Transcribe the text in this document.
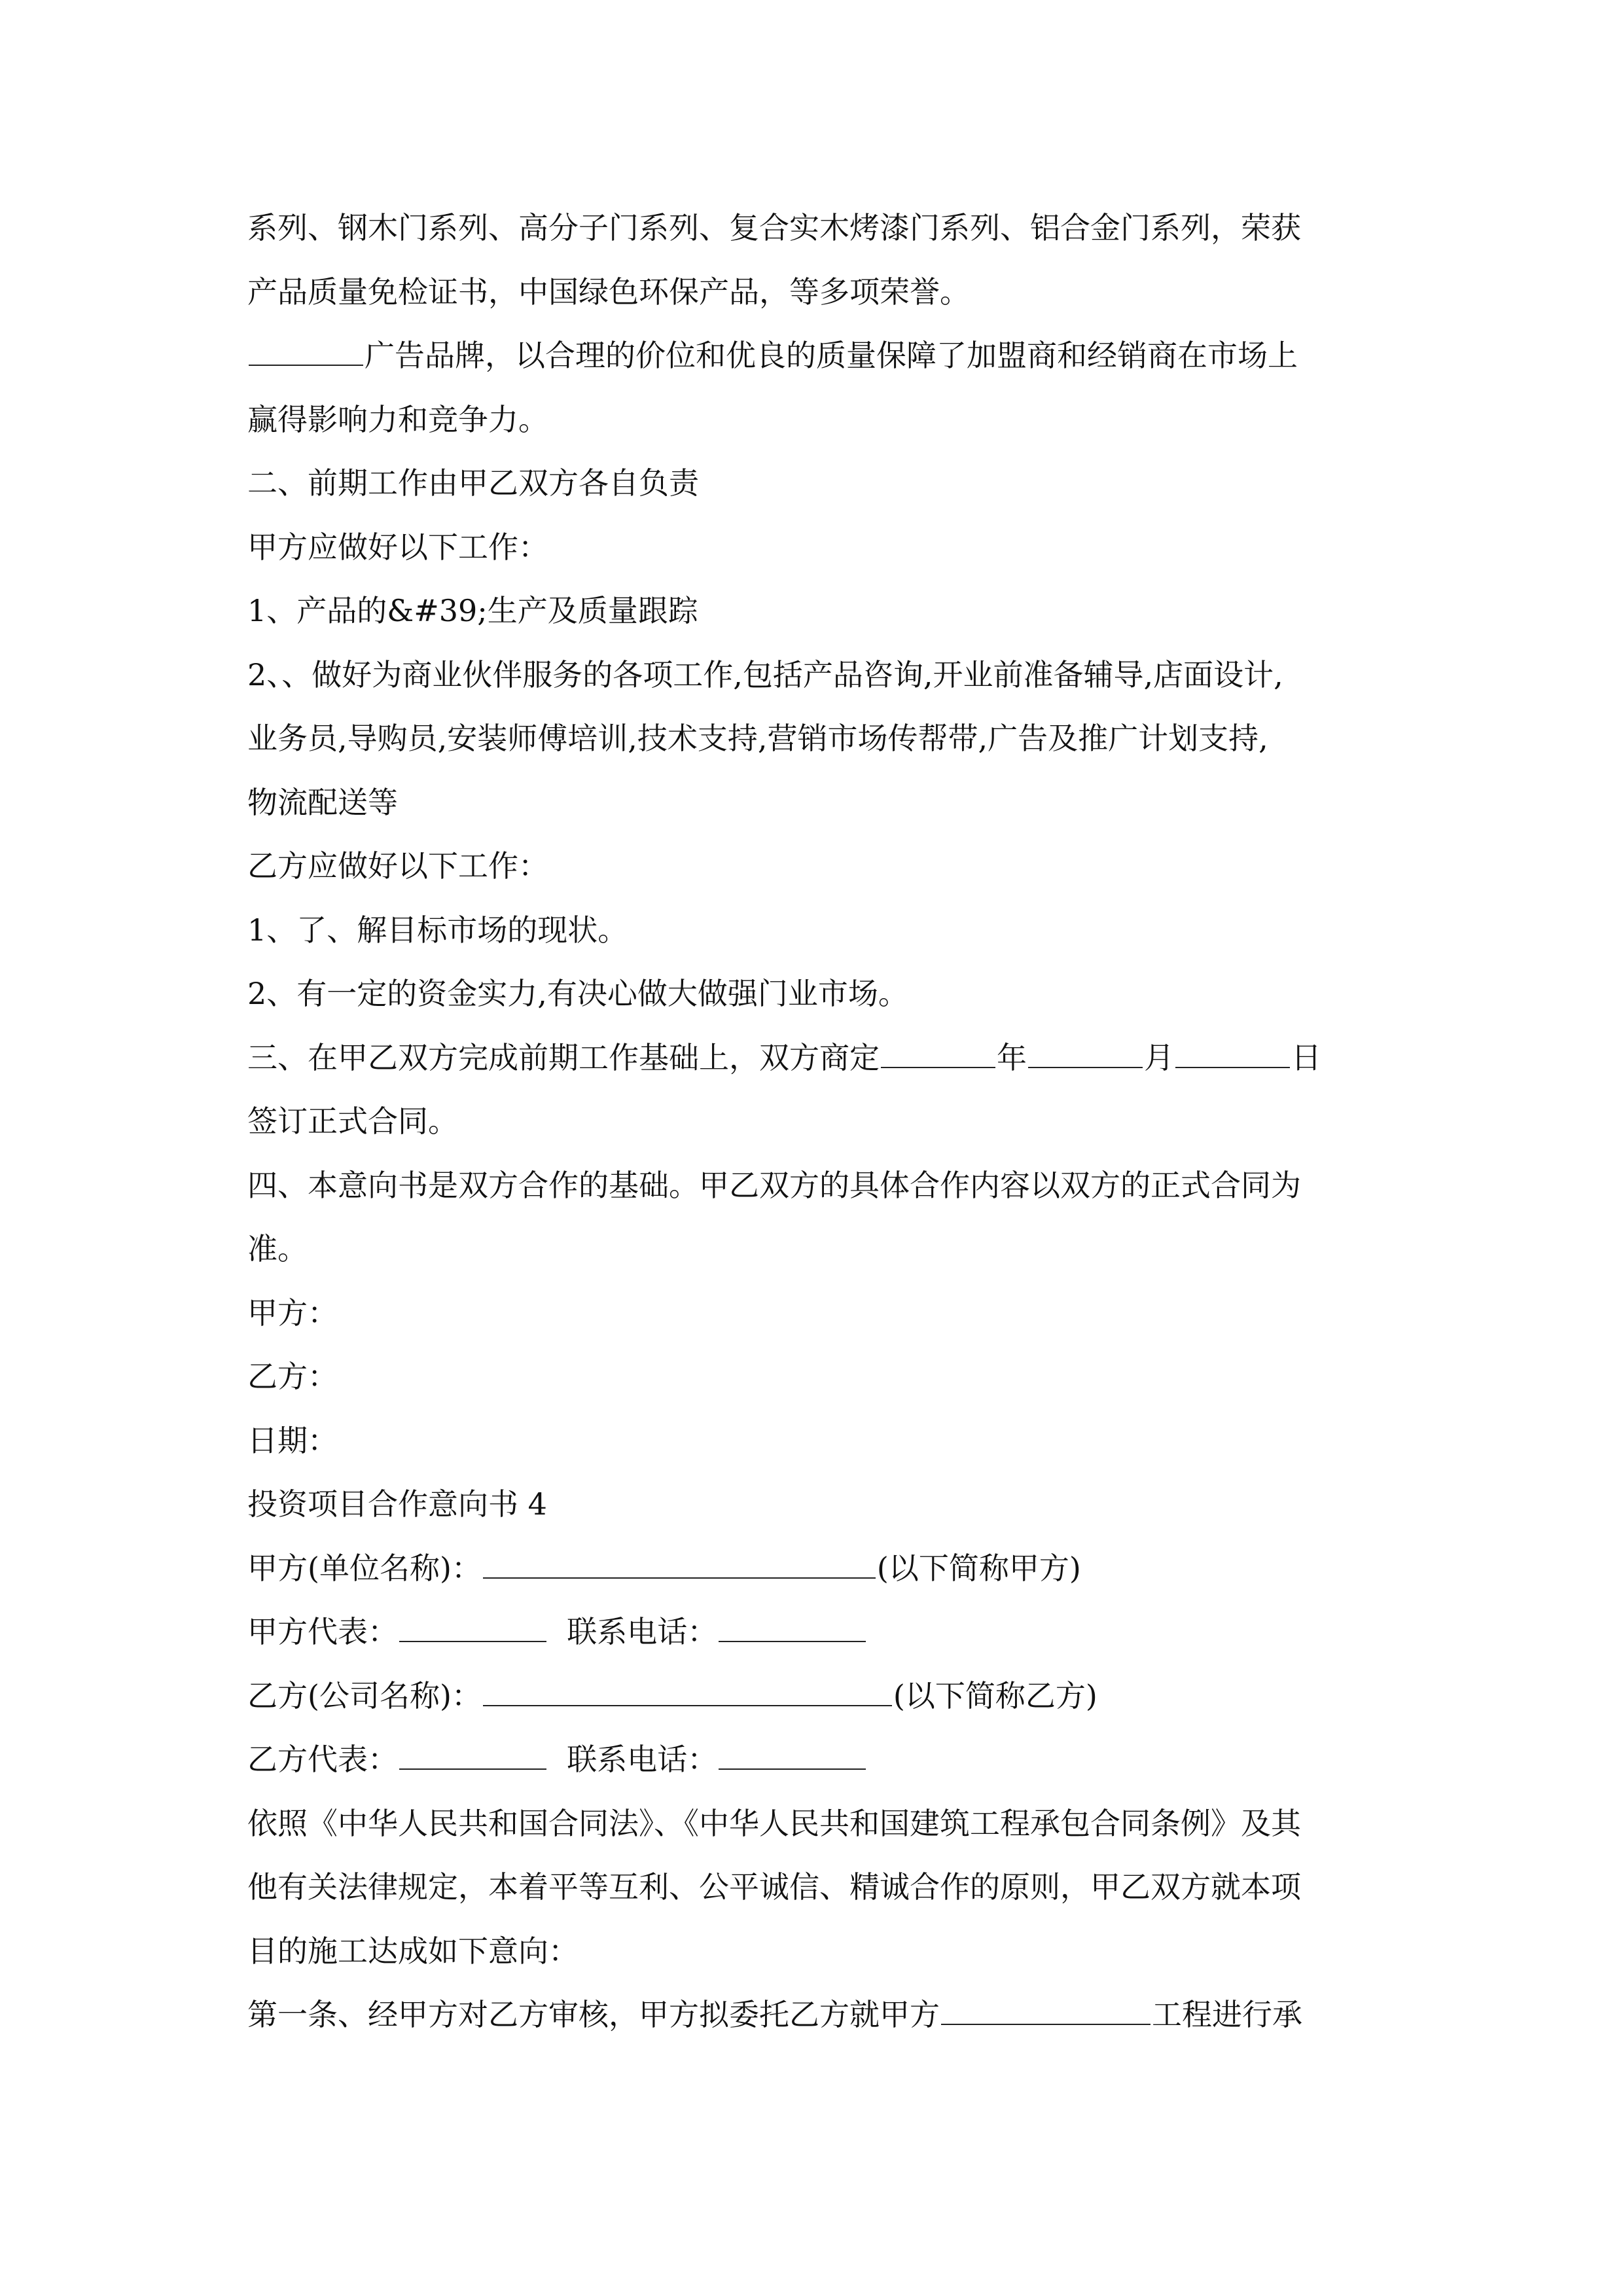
系列、钢木门系列、高分子门系列、复合实木烤漆门系列、铝合金门系列，荣获
产品质量免检证书，中国绿色环保产品，等多项荣誉。
广告品牌，以合理的价位和优良的质量保障了加盟商和经销商在市场上
赢得影响力和竞争力。
二、前期工作由甲乙双方各自负责
甲方应做好以下工作：
1、产品的&#39;生产及质量跟踪
2、、做好为商业伙伴服务的各项工作,包括产品咨询,开业前准备辅导,店面设计,
业务员,导购员,安装师傅培训,技术支持,营销市场传帮带,广告及推广计划支持,
物流配送等
乙方应做好以下工作：
1、了、解目标市场的现状。
2、有一定的资金实力,有决心做大做强门业市场。
三、在甲乙双方完成前期工作基础上，双方商定	年	月	日
签订正式合同。
四、本意向书是双方合作的基础。甲乙双方的具体合作内容以双方的正式合同为
准。
甲方：
乙方：
日期：
投资项目合作意向书 4
甲方(单位名称)：	(以下简称甲方)
甲方代表：	联系电话：
乙方(公司名称)：	(以下简称乙方)
乙方代表：	联系电话：
依照《中华人民共和国合同法》、《中华人民共和国建筑工程承包合同条例》及其
他有关法律规定，本着平等互利、公平诚信、精诚合作的原则，甲乙双方就本项
目的施工达成如下意向：
第一条、经甲方对乙方审核，甲方拟委托乙方就甲方	工程进行承
